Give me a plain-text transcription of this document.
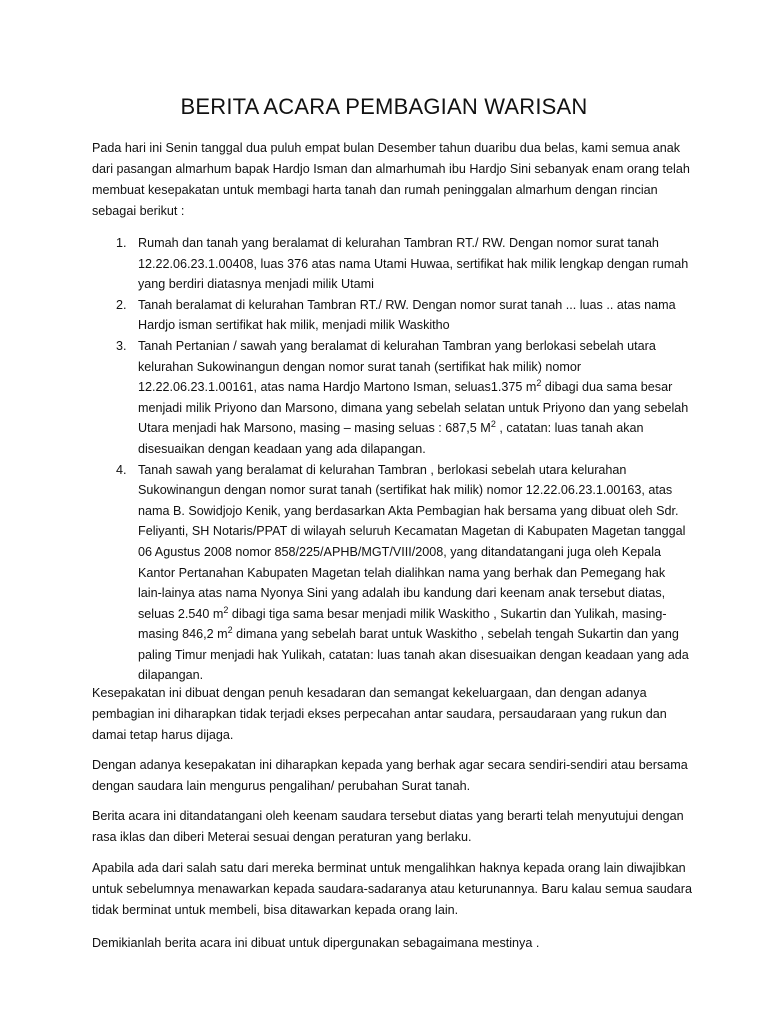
BERITA ACARA PEMBAGIAN WARISAN

Pada hari ini Senin tanggal dua puluh empat bulan Desember tahun duaribu dua belas, kami semua anak dari pasangan almarhum bapak Hardjo Isman dan almarhumah ibu Hardjo Sini sebanyak enam orang telah membuat kesepakatan untuk membagi harta tanah dan rumah peninggalan almarhum dengan rincian sebagai berikut :

1. Rumah dan tanah yang beralamat di kelurahan Tambran RT./ RW. Dengan nomor surat tanah 12.22.06.23.1.00408, luas 376 atas nama Utami Huwaa, sertifikat hak milik lengkap dengan rumah yang berdiri diatasnya menjadi milik Utami
2. Tanah beralamat di kelurahan Tambran RT./ RW. Dengan nomor surat tanah ... luas .. atas nama Hardjo isman sertifikat hak milik, menjadi milik Waskitho
3. Tanah Pertanian / sawah yang beralamat di kelurahan Tambran yang berlokasi sebelah utara kelurahan Sukowinangun dengan nomor surat tanah (sertifikat hak milik) nomor 12.22.06.23.1.00161, atas nama Hardjo Martono Isman, seluas1.375 $m^2$ dibagi dua sama besar menjadi milik Priyono dan Marsono, dimana yang sebelah selatan untuk Priyono dan yang sebelah Utara menjadi hak Marsono, masing – masing seluas : 687,5 $M^2$ , catatan: luas tanah akan disesuaikan dengan keadaan yang ada dilapangan.
4. Tanah sawah yang beralamat di kelurahan Tambran , berlokasi sebelah utara kelurahan Sukowinangun dengan nomor surat tanah (sertifikat hak milik) nomor 12.22.06.23.1.00163, atas nama B. Sowidjojo Kenik, yang berdasarkan Akta Pembagian hak bersama yang dibuat oleh Sdr. Feliyanti, SH Notaris/PPAT di wilayah seluruh Kecamatan Magetan di Kabupaten Magetan tanggal 06 Agustus 2008 nomor 858/225/APHB/MGT/VIII/2008, yang ditandatangani juga oleh Kepala Kantor Pertanahan Kabupaten Magetan telah dialihkan nama yang berhak dan Pemegang hak lain-lainya atas nama Nyonya Sini yang adalah ibu kandung dari keenam anak tersebut diatas, seluas 2.540 $m^2$ dibagi tiga sama besar menjadi milik Waskitho , Sukartin dan Yulikah, masing-masing 846,2 $m^2$ dimana yang sebelah barat untuk Waskitho , sebelah tengah Sukartin dan yang paling Timur menjadi hak Yulikah, catatan: luas tanah akan disesuaikan dengan keadaan yang ada dilapangan.

Kesepakatan ini dibuat dengan penuh kesadaran dan semangat kekeluargaan, dan dengan adanya pembagian ini diharapkan tidak terjadi ekses perpecahan antar saudara, persaudaraan yang rukun dan damai tetap harus dijaga.

Dengan adanya kesepakatan ini diharapkan kepada yang berhak agar secara sendiri-sendiri atau bersama dengan saudara lain mengurus pengalihan/ perubahan Surat tanah.

Berita acara ini ditandatangani oleh keenam saudara tersebut diatas yang berarti telah menyutujui dengan rasa iklas dan diberi Meterai sesuai dengan peraturan yang berlaku.

Apabila ada dari salah satu dari mereka berminat untuk mengalihkan haknya kepada orang lain diwajibkan untuk sebelumnya menawarkan kepada saudara-sadaranya atau keturunannya. Baru kalau semua saudara tidak berminat untuk membeli, bisa ditawarkan kepada orang lain.

Demikianlah berita acara ini dibuat untuk dipergunakan sebagaimana mestinya .
